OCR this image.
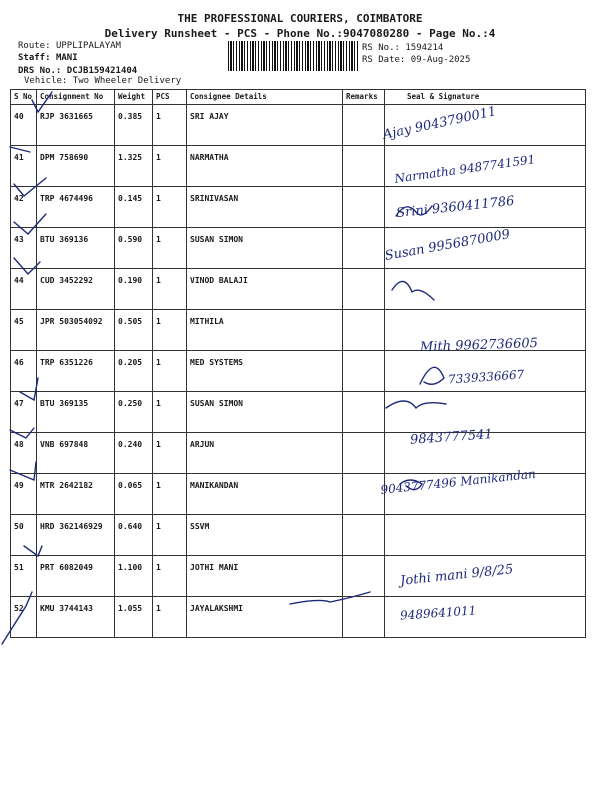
THE PROFESSIONAL COURIERS, COIMBATORE
Delivery Runsheet - PCS - Phone No.:9047080280 - Page No.:4
Route: UPPLIPALAYAM
Staff: MANI
DRS No.: DCJB159421404
Vehicle: Two Wheeler Delivery
RS No.: 1594214
RS Date: 09-Aug-2025
S No	Consignment No	Weight	PCS	Consignee Details	Remarks	Seal & Signature
40	RJP 3631665	0.385	1	SRI AJAY		
41	DPM 758690	1.325	1	NARMATHA		
42	TRP 4674496	0.145	1	SRINIVASAN		
43	BTU 369136	0.590	1	SUSAN SIMON		
44	CUD 3452292	0.190	1	VINOD BALAJI		
45	JPR 503054092	0.505	1	MITHILA		
46	TRP 6351226	0.205	1	MED SYSTEMS		
47	BTU 369135	0.250	1	SUSAN SIMON		
48	VNB 697848	0.240	1	ARJUN		
49	MTR 2642182	0.065	1	MANIKANDAN		
50	HRD 362146929	0.640	1	SSVM		
51	PRT 6082049	1.100	1	JOTHI MANI		
52	KMU 3744143	1.055	1	JAYALAKSHMI		
Ajay 9043790011
Narmatha 9487741591
Srini 9360411786
Susan 9956870009
Mith 9962736605
7339336667
9843777541
9043777496 Manikandan
Jothi mani 9/8/25
9489641011
